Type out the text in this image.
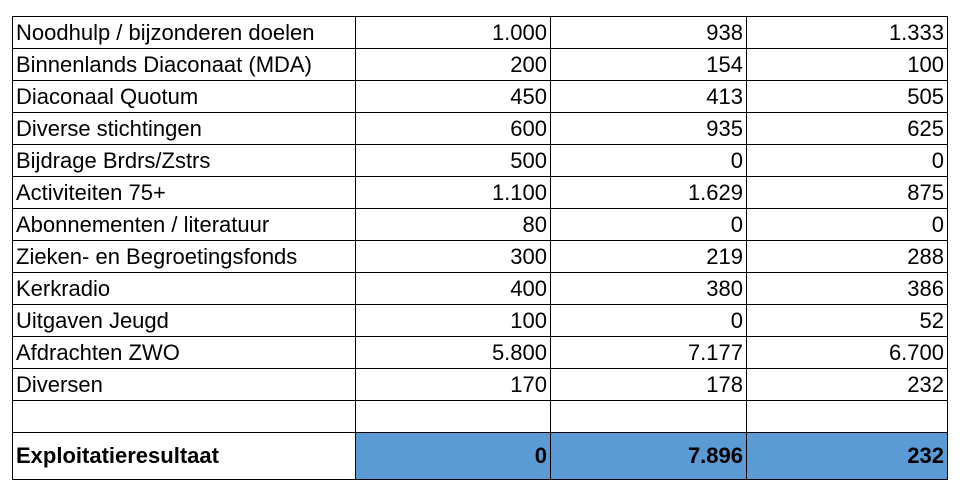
Noodhulp / bijzonderen doelen	1.000	938	1.333
Binnenlands Diaconaat (MDA)	200	154	100
Diaconaal Quotum	450	413	505
Diverse stichtingen	600	935	625
Bijdrage Brdrs/Zstrs	500	0	0
Activiteiten 75+	1.100	1.629	875
Abonnementen / literatuur	80	0	0
Zieken- en Begroetingsfonds	300	219	288
Kerkradio	400	380	386
Uitgaven Jeugd	100	0	52
Afdrachten ZWO	5.800	7.177	6.700
Diversen	170	178	232

Exploitatieresultaat	0	7.896	232
